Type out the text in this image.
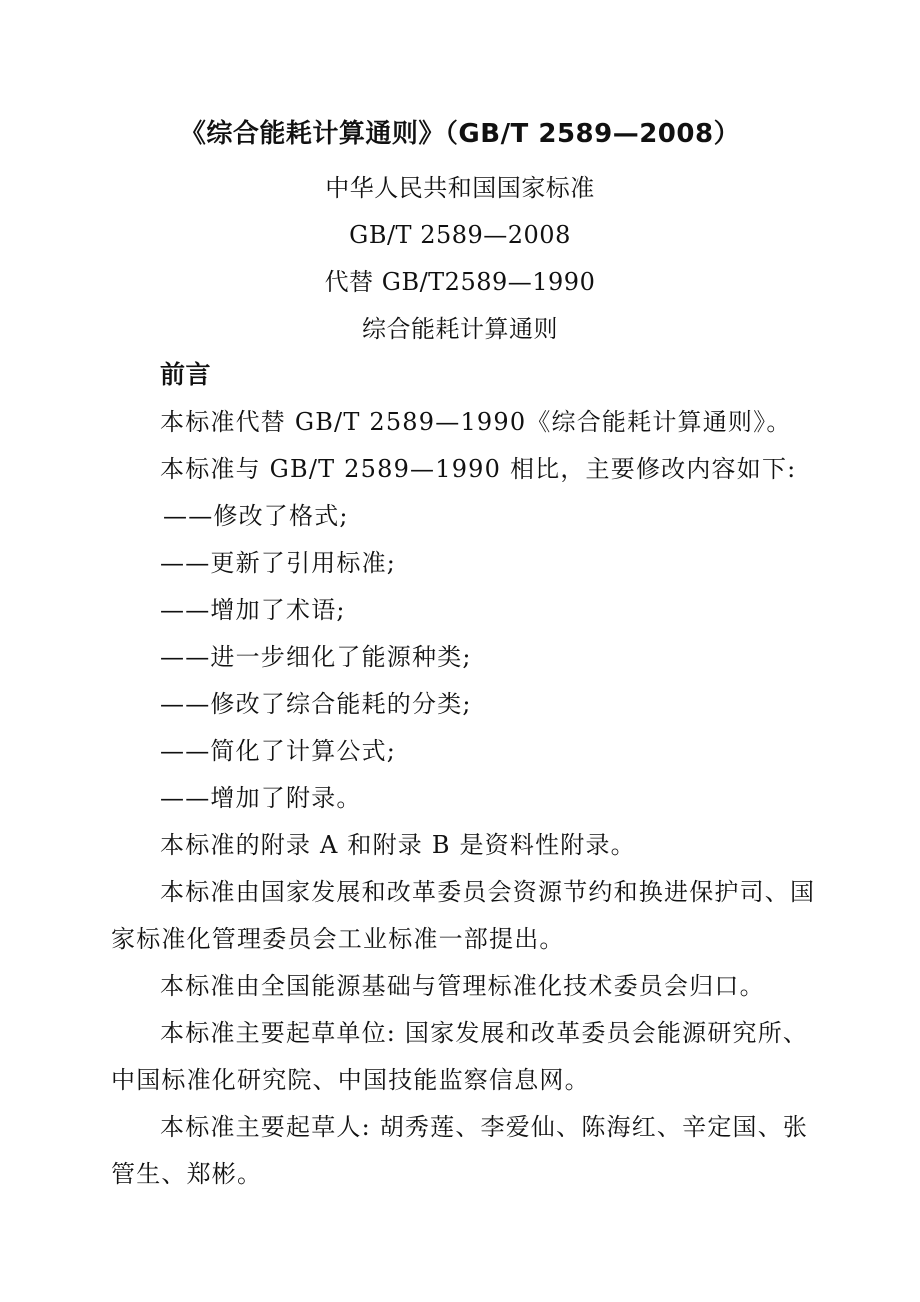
《综合能耗计算通则》（GB/T 2589—2008）
中华人民共和国国家标准
GB/T 2589—2008
代替 GB/T2589—1990
综合能耗计算通则
前言
本标准代替 GB/T 2589—1990《综合能耗计算通则》。
本标准与 GB/T 2589—1990 相比，主要修改内容如下:
——修改了格式;
——更新了引用标准;
——增加了术语;
——进一步细化了能源种类;
——修改了综合能耗的分类;
——简化了计算公式;
——增加了附录。
本标准的附录 A 和附录 B 是资料性附录。
本标准由国家发展和改革委员会资源节约和换进保护司、国
家标准化管理委员会工业标准一部提出。
本标准由全国能源基础与管理标准化技术委员会归口。
本标准主要起草单位: 国家发展和改革委员会能源研究所、
中国标准化研究院、中国技能监察信息网。
本标准主要起草人: 胡秀莲、李爱仙、陈海红、辛定国、张
管生、郑彬。
